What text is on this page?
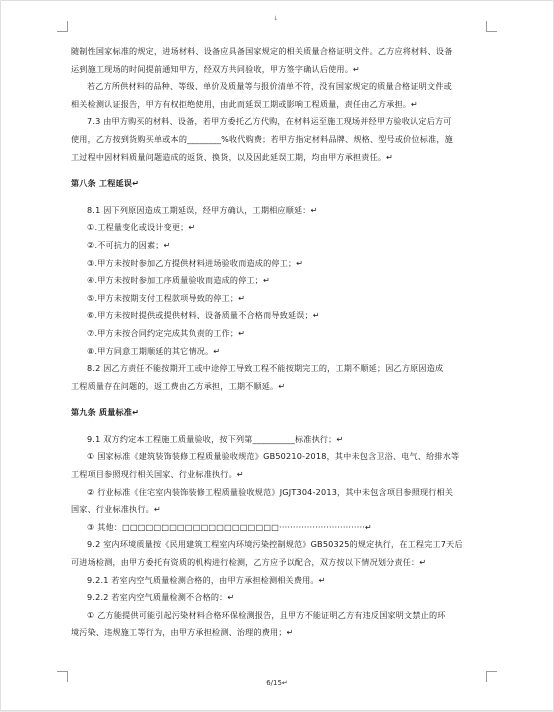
↓

随制性国家标准的规定，进场材料、设备应具备国家规定的相关质量合格证明文件。乙方应将材料、设备

运到施工现场的时间提前通知甲方，经双方共同验收，甲方签字确认后使用。↵

若乙方所供材料的品种、等级、单价及质量等与报价清单不符，没有国家规定的质量合格证明文件或

相关检测认证报告，甲方有权拒绝使用，由此而延误工期或影响工程质量，责任由乙方承担。↵

7.3 由甲方购买的材料、设备，若甲方委托乙方代购，在材料运至施工现场并经甲方验收认定后方可

使用，乙方按到货购买单或本的________%收代购费；若甲方指定材料品牌、规格、型号或价位标准，施

工过程中因材料质量问题造成的返货、换货，以及因此延误工期，均由甲方承担责任。↵

第八条 工程延误↵

8.1 因下列原因造成工期延误，经甲方确认，工期相应顺延：↵

①.工程量变化或设计变更；↵

②.不可抗力的因素；↵

③.甲方未按时参加乙方提供材料进场验收而造成的停工；↵

④.甲方未按时参加工序质量验收而造成的停工；↵

⑤.甲方未按期支付工程款项导致的停工；↵

⑥.甲方未按时提供或提供材料、设备质量不合格而导致延误；↵

⑦.甲方未按合同约定完成其负责的工作；↵

⑧.甲方同意工期顺延的其它情况。↵

8.2 因乙方责任不能按期开工或中途停工导致工程不能按期完工的，工期不顺延；因乙方原因造成

工程质量存在问题的，返工费由乙方承担，工期不顺延。↵

第九条 质量标准↵

9.1 双方约定本工程施工质量验收，按下列第__________标准执行；↵

① 国家标准《建筑装饰装修工程质量验收规范》GB50210-2018，其中未包含卫浴、电气、给排水等

工程项目参照现行相关国家、行业标准执行。↵

② 行业标准《住宅室内装饰装修工程质量验收规范》JGJT304-2013，其中未包含项目参照现行相关

国家、行业标准执行。↵

③ 其他：□□□□□□□□□□□□□□□□□□□□·······························↵

9.2 室内环境质量按《民用建筑工程室内环境污染控制规范》GB50325的规定执行，在工程完工7天后

可进场检测，由甲方委托有资质的机构进行检测，乙方应予以配合，双方按以下情况划分责任：↵

9.2.1 若室内空气质量检测合格的，由甲方承担检测相关费用。↵

9.2.2 若室内空气质量检测不合格的：↵

① 乙方能提供可能引起污染材料合格环保检测报告，且甲方不能证明乙方有违反国家明文禁止的环

境污染、违规施工等行为，由甲方承担检测、治理的费用；↵

6/15↵
